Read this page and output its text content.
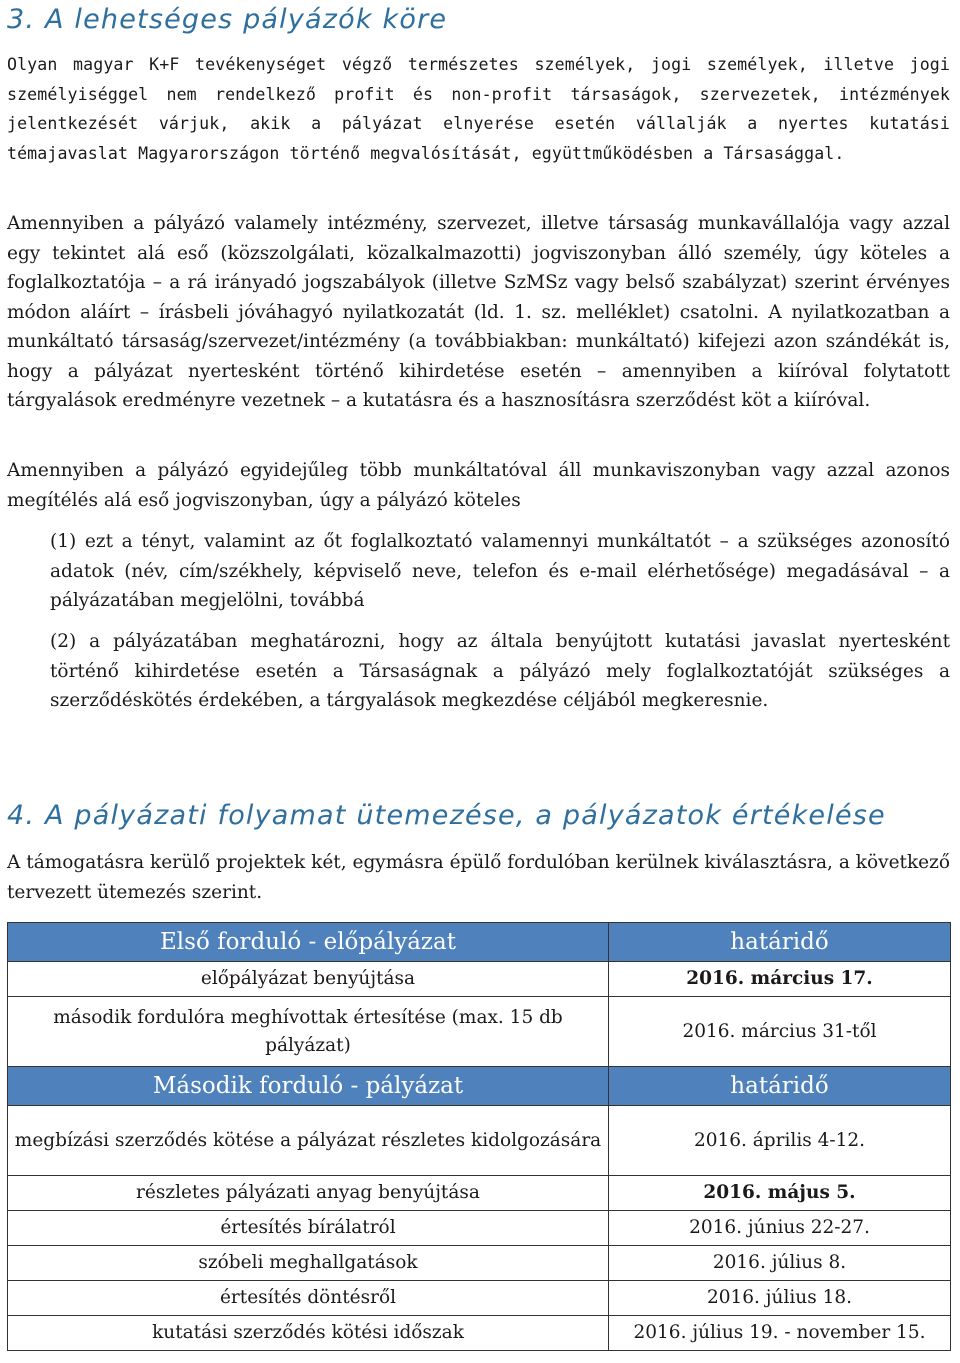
3. A lehetséges pályázók köre

Olyan magyar K+F tevékenységet végző természetes személyek, jogi személyek, illetve jogi személyiséggel nem rendelkező profit és non-profit társaságok, szervezetek, intézmények jelentkezését várjuk, akik a pályázat elnyerése esetén vállalják a nyertes kutatási témajavaslat Magyarországon történő megvalósítását, együttműködésben a Társasággal.

Amennyiben a pályázó valamely intézmény, szervezet, illetve társaság munkavállalója vagy azzal egy tekintet alá eső (közszolgálati, közalkalmazotti) jogviszonyban álló személy, úgy köteles a foglalkoztatója – a rá irányadó jogszabályok (illetve SzMSz vagy belső szabályzat) szerint érvényes módon aláírt – írásbeli jóváhagyó nyilatkozatát (ld. 1. sz. melléklet) csatolni. A nyilatkozatban a munkáltató társaság/szervezet/intézmény (a továbbiakban: munkáltató) kifejezi azon szándékát is, hogy a pályázat nyertesként történő kihirdetése esetén – amennyiben a kiíróval folytatott tárgyalások eredményre vezetnek – a kutatásra és a hasznosításra szerződést köt a kiíróval.

Amennyiben a pályázó egyidejűleg több munkáltatóval áll munkaviszonyban vagy azzal azonos megítélés alá eső jogviszonyban, úgy a pályázó köteles

(1) ezt a tényt, valamint az őt foglalkoztató valamennyi munkáltatót – a szükséges azonosító adatok (név, cím/székhely, képviselő neve, telefon és e-mail elérhetősége) megadásával – a pályázatában megjelölni, továbbá

(2) a pályázatában meghatározni, hogy az általa benyújtott kutatási javaslat nyertesként történő kihirdetése esetén a Társaságnak a pályázó mely foglalkoztatóját szükséges a szerződéskötés érdekében, a tárgyalások megkezdése céljából megkeresnie.

4. A pályázati folyamat ütemezése, a pályázatok értékelése

A támogatásra kerülő projektek két, egymásra épülő fordulóban kerülnek kiválasztásra, a következő tervezett ütemezés szerint.

Első forduló - előpályázat	határidő
előpályázat benyújtása	2016. március 17.
második fordulóra meghívottak értesítése (max. 15 db pályázat)	2016. március 31-től
Második forduló - pályázat	határidő
megbízási szerződés kötése a pályázat részletes kidolgozására	2016. április 4-12.
részletes pályázati anyag benyújtása	2016. május 5.
értesítés bírálatról	2016. június 22-27.
szóbeli meghallgatások	2016. július 8.
értesítés döntésről	2016. július 18.
kutatási szerződés kötési időszak	2016. július 19. - november 15.
